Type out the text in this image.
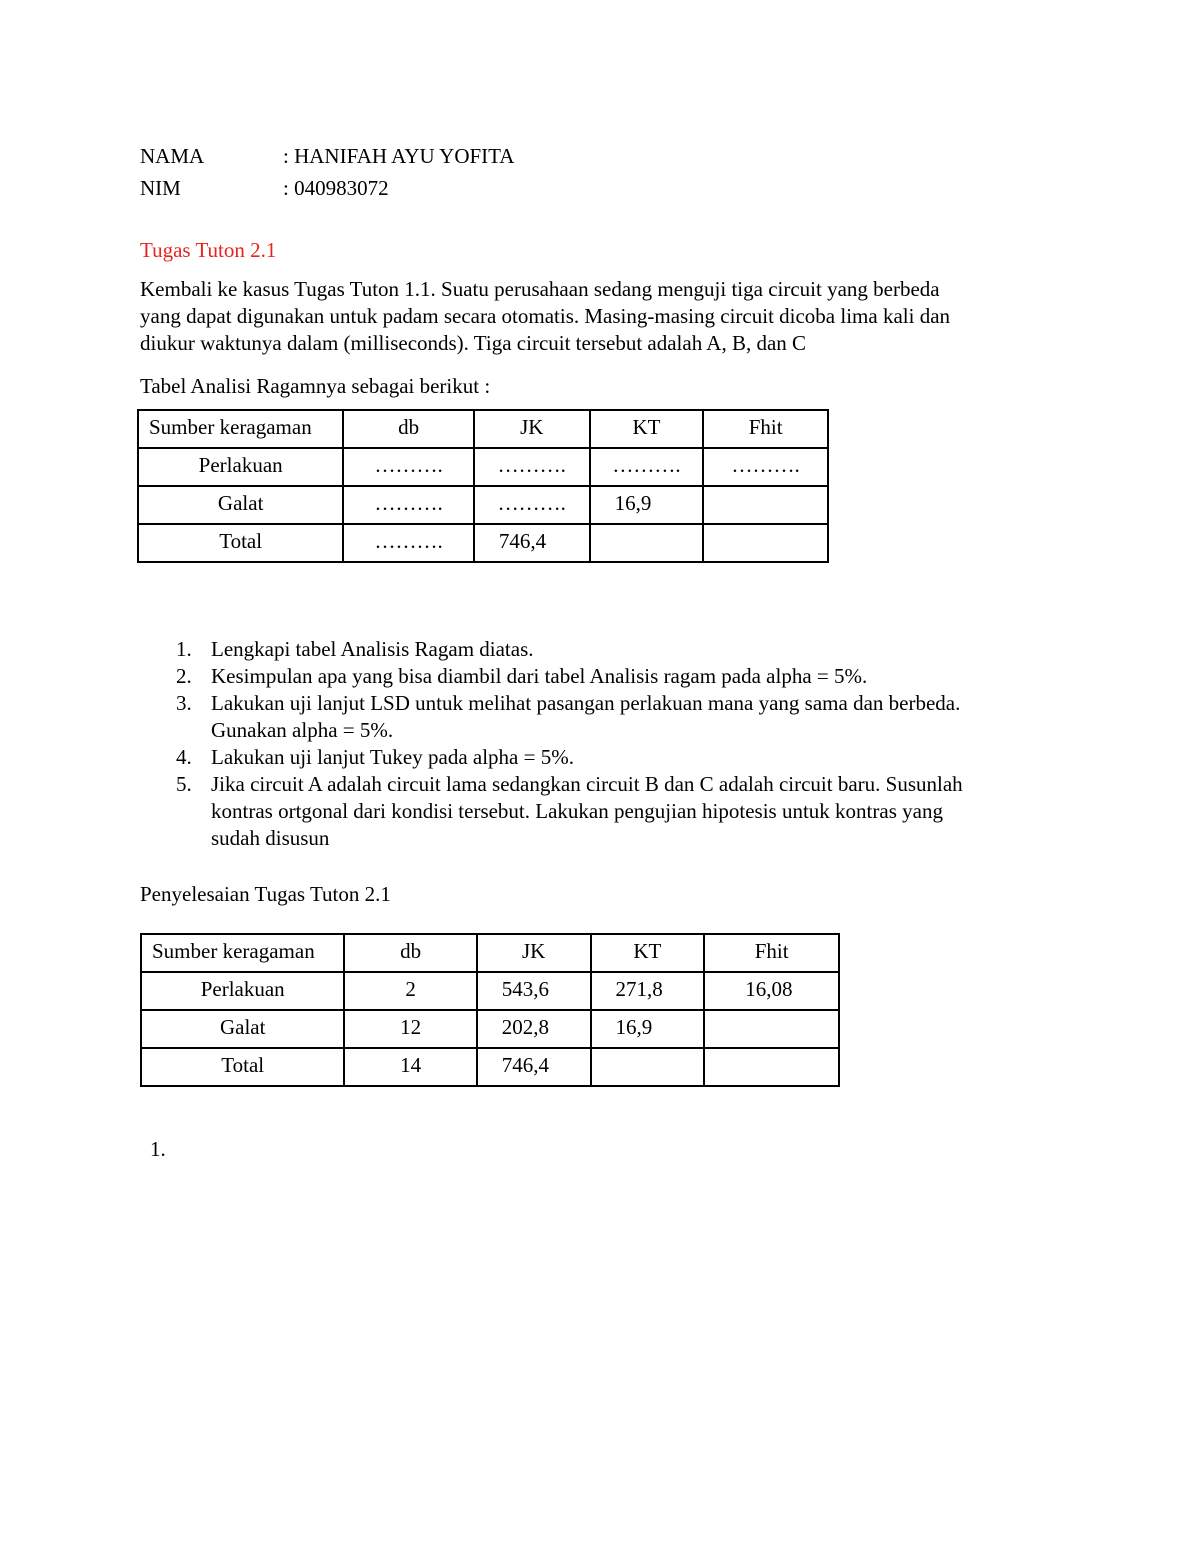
NAMA	: HANIFAH AYU YOFITA
NIM	: 040983072
Tugas Tuton 2.1
Kembali ke kasus Tugas Tuton 1.1. Suatu perusahaan sedang menguji tiga circuit yang berbeda
yang dapat digunakan untuk padam secara otomatis. Masing-masing circuit dicoba lima kali dan
diukur waktunya dalam (milliseconds). Tiga circuit tersebut adalah A, B, dan C
Tabel Analisi Ragamnya sebagai berikut :
Sumber keragaman	db	JK	KT	Fhit
Perlakuan	……….	……….	……….	……….
Galat	……….	……….	16,9	
Total	……….	746,4		
1. Lengkapi tabel Analisis Ragam diatas.
2. Kesimpulan apa yang bisa diambil dari tabel Analisis ragam pada alpha = 5%.
3. Lakukan uji lanjut LSD untuk melihat pasangan perlakuan mana yang sama dan berbeda.
Gunakan alpha = 5%.
4. Lakukan uji lanjut Tukey pada alpha = 5%.
5. Jika circuit A adalah circuit lama sedangkan circuit B dan C adalah circuit baru. Susunlah
kontras ortgonal dari kondisi tersebut. Lakukan pengujian hipotesis untuk kontras yang
sudah disusun
Penyelesaian Tugas Tuton 2.1
Sumber keragaman	db	JK	KT	Fhit
Perlakuan	2	543,6	271,8	16,08
Galat	12	202,8	16,9	
Total	14	746,4		
1.
